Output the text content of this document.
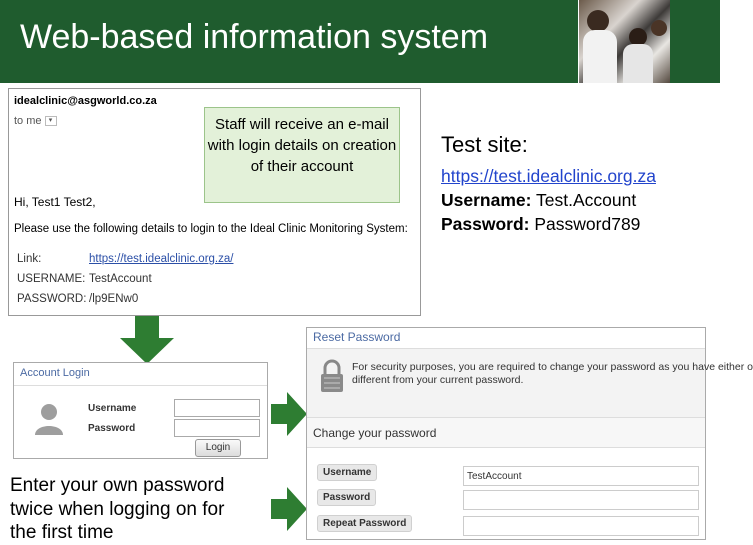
Web-based information system
idealclinic@asgworld.co.za
to me ▾
Hi, Test1 Test2,
Please use the following details to login to the Ideal Clinic Monitoring System:
Link:	https://test.idealclinic.org.za/
USERNAME: TestAccount
PASSWORD: /lp9ENw0
Staff will receive an e-mail with login details on creation of their account
Account Login
Username
Password
Login
Enter your own password twice when logging on for the first time
Test site:
https://test.idealclinic.org.za
Username: Test.Account
Password: Password789
Reset Password
For security purposes, you are required to change your password as you have either o
different from your current password.
Change your password
Username	TestAccount
Password
Repeat Password
